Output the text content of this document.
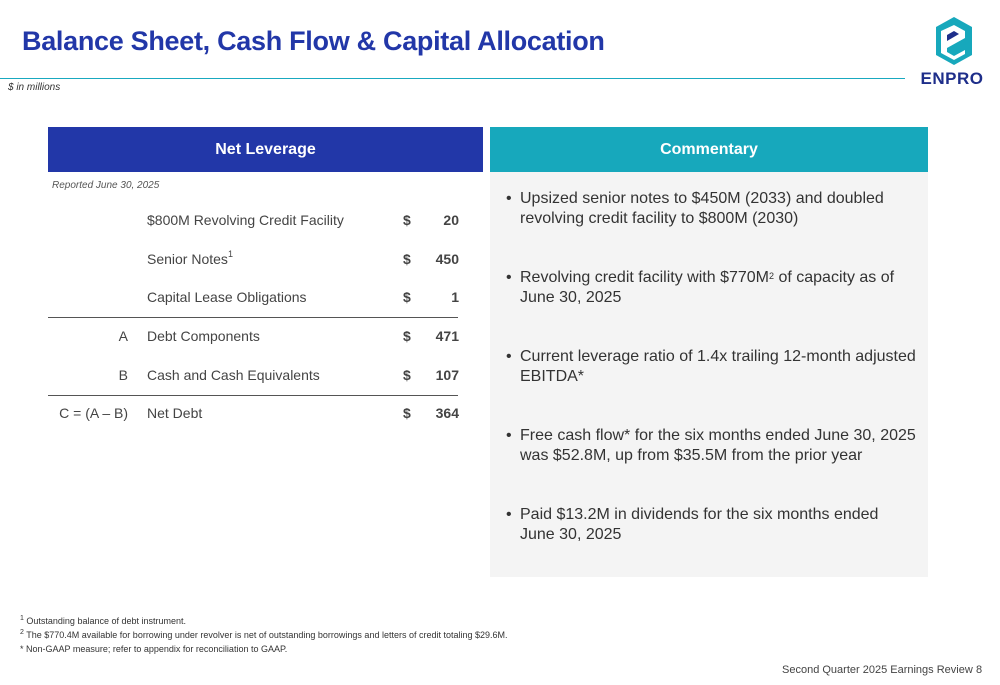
Balance Sheet, Cash Flow & Capital Allocation
$ in millions	ENPRO
Net Leverage
Reported June 30, 2025
$800M Revolving Credit Facility	$ 20
Senior Notes$^1$	$ 450
Capital Lease Obligations	$	1
A Debt Components	$ 471
B Cash and Cash Equivalents	$ 107
C = (A – B) Net Debt	$ 364
Commentary
• Upsized senior notes to $450M (2033) and doubled revolving credit facility to $800M (2030)
• Revolving credit facility with $\$770M^2$ of capacity as of June 30, 2025
• Current leverage ratio of 1.4x trailing 12-month adjusted EBITDA*
• Free cash flow* for the six months ended June 30, 2025 was $52.8M, up from $35.5M from the prior year
• Paid $13.2M in dividends for the six months ended June 30, 2025
$^1$ Outstanding balance of debt instrument.
$^2$ The $770.4M available for borrowing under revolver is net of outstanding borrowings and letters of credit totaling $29.6M.
* Non-GAAP measure; refer to appendix for reconciliation to GAAP.
Second Quarter 2025 Earnings Review 8
